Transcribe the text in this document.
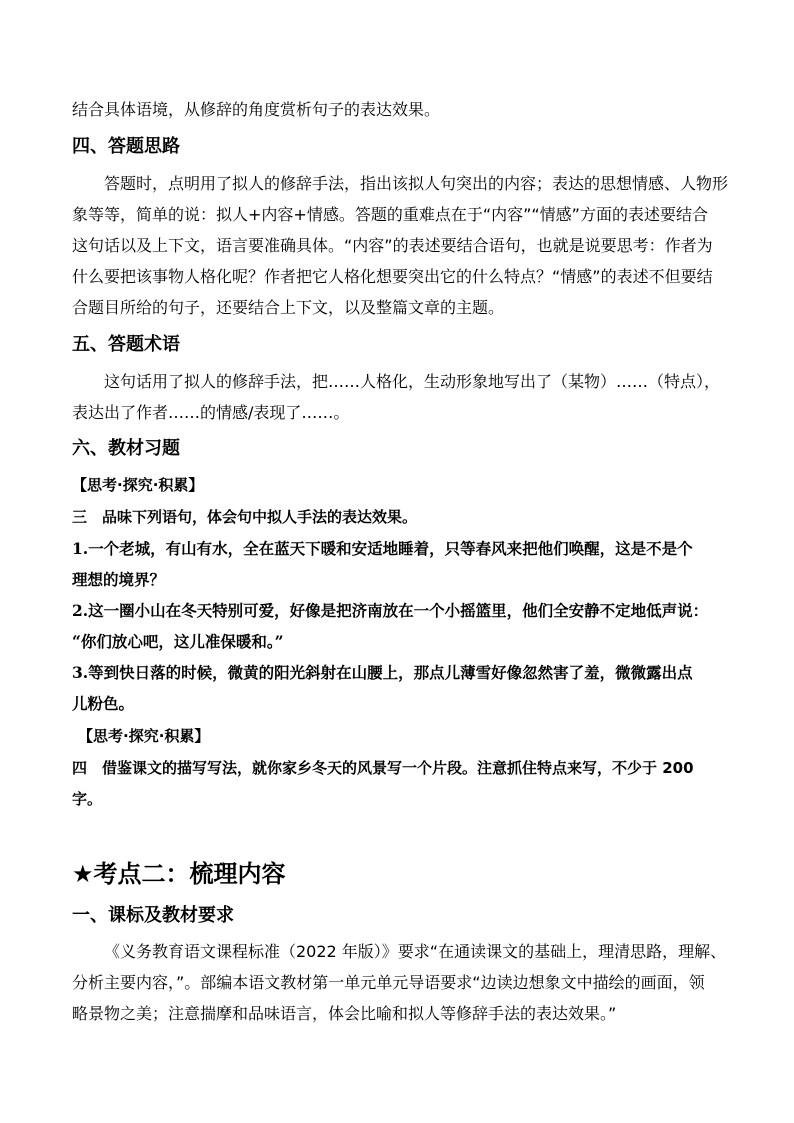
结合具体语境，从修辞的角度赏析句子的表达效果。

四、答题思路

答题时，点明用了拟人的修辞手法，指出该拟人句突出的内容；表达的思想情感、人物形

象等等，简单的说：拟人+内容+情感。答题的重难点在于“内容”“情感”方面的表述要结合

这句话以及上下文，语言要准确具体。“内容”的表述要结合语句，也就是说要思考：作者为

什么要把该事物人格化呢？作者把它人格化想要突出它的什么特点？“情感”的表述不但要结

合题目所给的句子，还要结合上下文，以及整篇文章的主题。

五、答题术语

这句话用了拟人的修辞手法，把……人格化，生动形象地写出了（某物）……（特点），

表达出了作者……的情感/表现了……。

六、教材习题

【思考·探究·积累】

三　品味下列语句，体会句中拟人手法的表达效果。

1.一个老城，有山有水，全在蓝天下暖和安适地睡着，只等春风来把他们唤醒，这是不是个

理想的境界？

2.这一圈小山在冬天特别可爱，好像是把济南放在一个小摇篮里，他们全安静不定地低声说：

“你们放心吧，这儿准保暖和。”

3.等到快日落的时候，微黄的阳光斜射在山腰上，那点儿薄雪好像忽然害了羞，微微露出点

儿粉色。

【思考·探究·积累】

四　借鉴课文的描写写法，就你家乡冬天的风景写一个片段。注意抓住特点来写，不少于 200

字。

★考点二：梳理内容

一、课标及教材要求

《义务教育语文课程标准（2022 年版）》要求“在通读课文的基础上，理清思路，理解、

分析主要内容，”。部编本语文教材第一单元单元导语要求“边读边想象文中描绘的画面，领

略景物之美；注意揣摩和品味语言，体会比喻和拟人等修辞手法的表达效果。”
